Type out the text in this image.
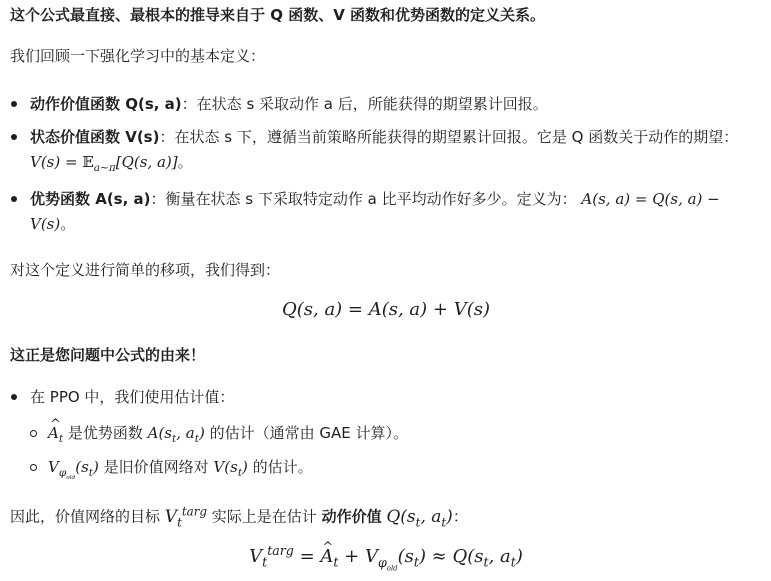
这个公式最直接、最根本的推导来自于 Q 函数、V 函数和优势函数的定义关系。

我们回顾一下强化学习中的基本定义：

动作价值函数 Q(s, a)：在状态 s 采取动作 a 后，所能获得的期望累计回报。
状态价值函数 V(s)：在状态 s 下，遵循当前策略所能获得的期望累计回报。它是 Q 函数关于动作的期望： V(s) = 𝔼$_{a\sim\pi}$[Q(s, a)]。
优势函数 A(s, a)：衡量在状态 s 下采取特定动作 a 比平均动作好多少。定义为： A(s, a) = Q(s, a) − V(s)。

对这个定义进行简单的移项，我们得到：

Q(s, a) = A(s, a) + V(s)

这正是您问题中公式的由来！

在 PPO 中，我们使用估计值：
^ $A_t$ 是优势函数 $A(s_t$, $a_t$) 的估计（通常由 GAE 计算）。
$V_{\varphi_{old}}(s_t)$ 是旧价值网络对 $V(s_t)$ 的估计。

因此，价值网络的目标 $V_t^{targ}$ 实际上是在估计 动作价值 $Q(s_t$, $a_t$)：

$V_t^{targ}$ = ^ $A_t + V_{\varphi_{old}}(s_t) \approx Q(s_t$, $a_t$)
